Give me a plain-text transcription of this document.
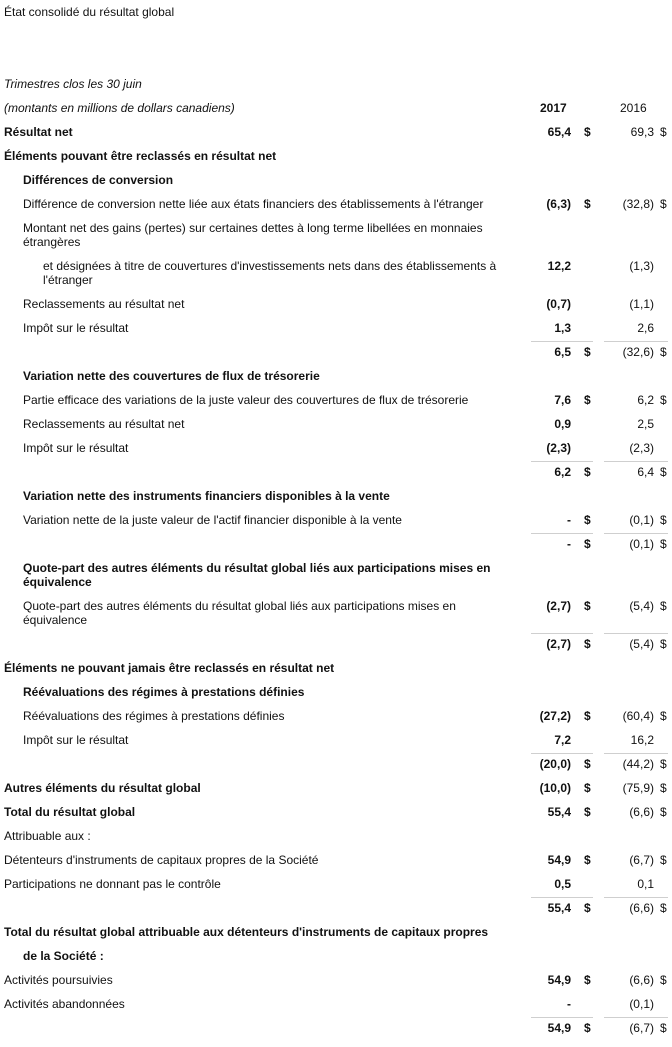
État consolidé du résultat global
Trimestres clos les 30 juin
(montants en millions de dollars canadiens)	2017	2016
Résultat net	65,4 $	69,3 $
Éléments pouvant être reclassés en résultat net
Différences de conversion
Différence de conversion nette liée aux états financiers des établissements à l'étranger	(6,3) $	(32,8) $
Montant net des gains (pertes) sur certaines dettes à long terme libellées en monnaies étrangères
et désignées à titre de couvertures d'investissements nets dans des établissements à l'étranger
12,2	(1,3)
Reclassements au résultat net	(0,7)	(1,1)
Impôt sur le résultat	1,3	2,6
6,5 $	(32,6) $
Variation nette des couvertures de flux de trésorerie
Partie efficace des variations de la juste valeur des couvertures de flux de trésorerie	7,6 $	6,2 $
Reclassements au résultat net	0,9	2,5
Impôt sur le résultat	(2,3)	(2,3)
6,2 $	6,4 $
Variation nette des instruments financiers disponibles à la vente
Variation nette de la juste valeur de l'actif financier disponible à la vente	- $	(0,1) $
- $	(0,1) $
Quote-part des autres éléments du résultat global liés aux participations mises en équivalence
Quote-part des autres éléments du résultat global liés aux participations mises en équivalence
(2,7) $	(5,4) $
(2,7) $	(5,4) $
Éléments ne pouvant jamais être reclassés en résultat net
Réévaluations des régimes à prestations définies
Réévaluations des régimes à prestations définies	(27,2) $	(60,4) $
Impôt sur le résultat	7,2	16,2
(20,0) $	(44,2) $
Autres éléments du résultat global	(10,0) $	(75,9) $
Total du résultat global	55,4 $	(6,6) $
Attribuable aux :
Détenteurs d'instruments de capitaux propres de la Société	54,9 $	(6,7) $
Participations ne donnant pas le contrôle	0,5	0,1
55,4 $	(6,6) $
Total du résultat global attribuable aux détenteurs d'instruments de capitaux propres
de la Société :
Activités poursuivies	54,9 $	(6,6) $
Activités abandonnées	-	(0,1)
54,9 $	(6,7) $
